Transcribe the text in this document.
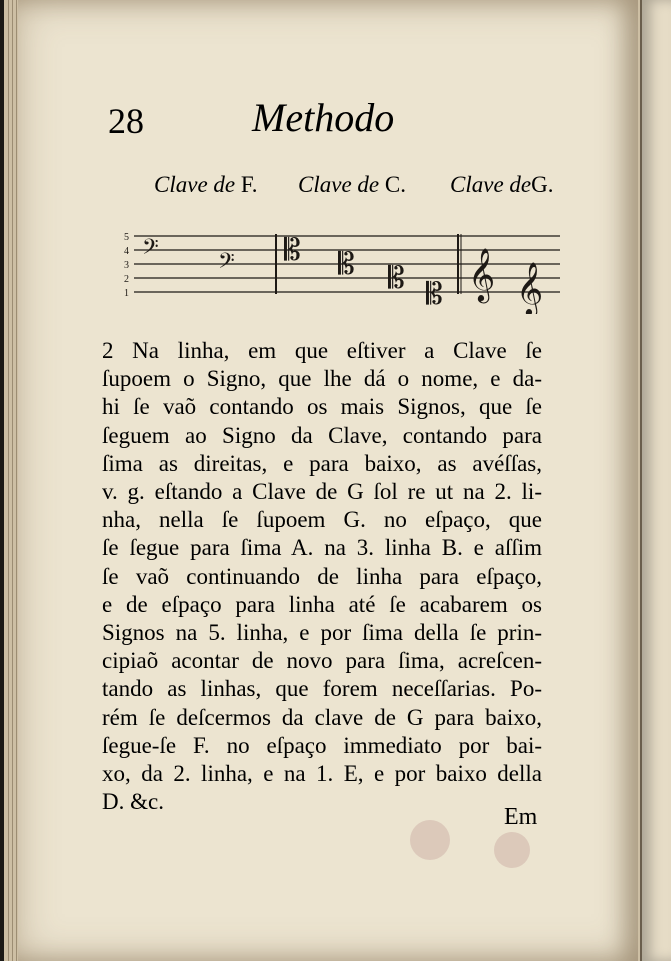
28	Methodo
Clave de F. Clave de C. Clave deG.
5
4
3
2
1
𝄢 𝄢 𝄡 𝄡 𝄡 𝄡 𝄞 𝄞
2 Na linha, em que eſtiver a Clave ſe
ſupoem o Signo, que lhe dá o nome, e da-
hi ſe vaõ contando os mais Signos, que ſe
ſeguem ao Signo da Clave, contando para
ſima as direitas, e para baixo, as avéſſas,
v. g. eſtando a Clave de G ſol re ut na 2. li-
nha, nella ſe ſupoem G. no eſpaço, que
ſe ſegue para ſima A. na 3. linha B. e aſſim
ſe vaõ continuando de linha para eſpaço,
e de eſpaço para linha até ſe acabarem os
Signos na 5. linha, e por ſima della ſe prin-
cipiaõ acontar de novo para ſima, acreſcen-
tando as linhas, que forem neceſſarias. Po-
rém ſe deſcermos da clave de G para baixo,
ſegue-ſe F. no eſpaço immediato por bai-
xo, da 2. linha, e na 1. E, e por baixo della
D. &c.
Em
